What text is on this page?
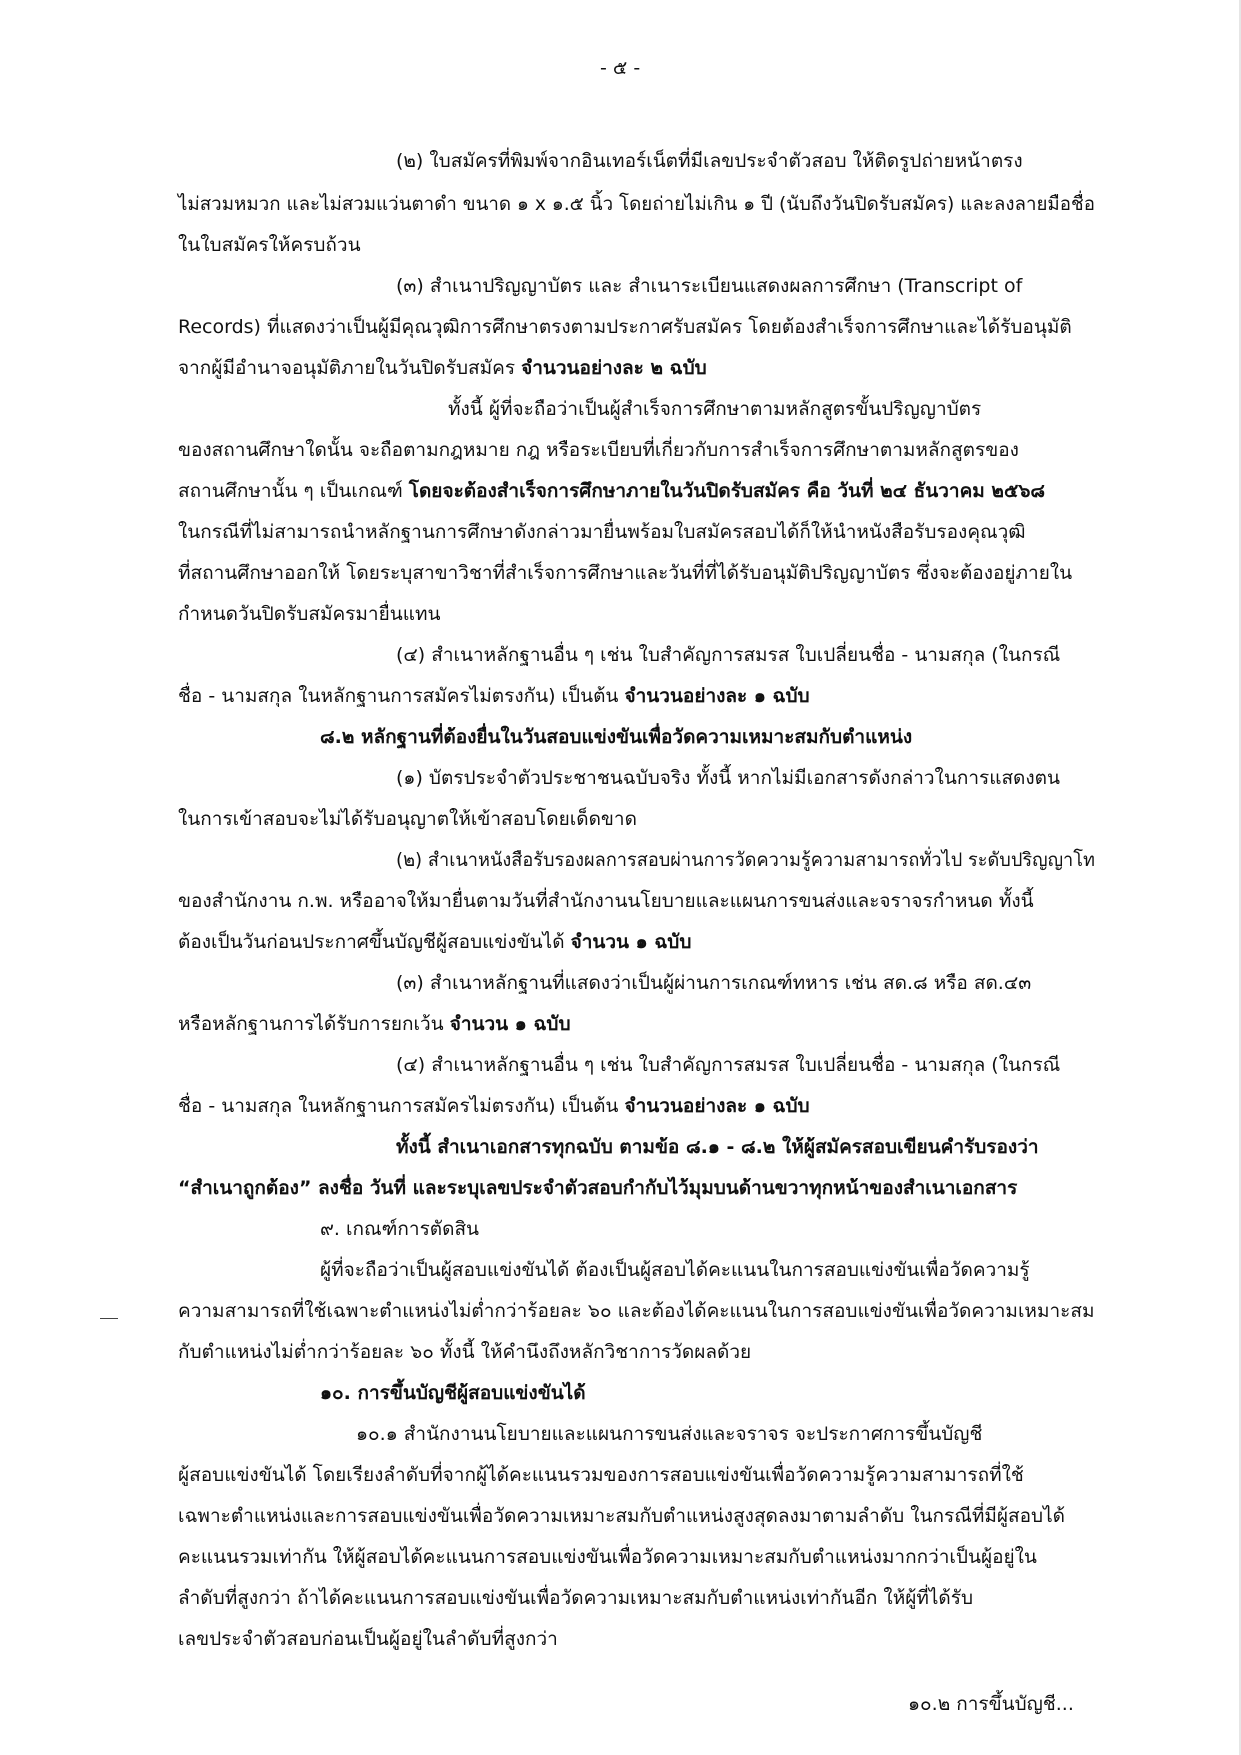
- ๕ -
(๒) ใบสมัครที่พิมพ์จากอินเทอร์เน็ตที่มีเลขประจำตัวสอบ ให้ติดรูปถ่ายหน้าตรง
ไม่สวมหมวก และไม่สวมแว่นตาดำ ขนาด ๑ x ๑.๕ นิ้ว โดยถ่ายไม่เกิน ๑ ปี (นับถึงวันปิดรับสมัคร) และลงลายมือชื่อ
ในใบสมัครให้ครบถ้วน
(๓) สำเนาปริญญาบัตร และ สำเนาระเบียนแสดงผลการศึกษา (Transcript of
Records) ที่แสดงว่าเป็นผู้มีคุณวุฒิการศึกษาตรงตามประกาศรับสมัคร โดยต้องสำเร็จการศึกษาและได้รับอนุมัติ
จากผู้มีอำนาจอนุมัติภายในวันปิดรับสมัคร จำนวนอย่างละ ๒ ฉบับ
ทั้งนี้ ผู้ที่จะถือว่าเป็นผู้สำเร็จการศึกษาตามหลักสูตรขั้นปริญญาบัตร
ของสถานศึกษาใดนั้น จะถือตามกฎหมาย กฎ หรือระเบียบที่เกี่ยวกับการสำเร็จการศึกษาตามหลักสูตรของ
สถานศึกษานั้น ๆ เป็นเกณฑ์ โดยจะต้องสำเร็จการศึกษาภายในวันปิดรับสมัคร คือ วันที่ ๒๔ ธันวาคม ๒๕๖๘
ในกรณีที่ไม่สามารถนำหลักฐานการศึกษาดังกล่าวมายื่นพร้อมใบสมัครสอบได้ก็ให้นำหนังสือรับรองคุณวุฒิ
ที่สถานศึกษาออกให้ โดยระบุสาขาวิชาที่สำเร็จการศึกษาและวันที่ที่ได้รับอนุมัติปริญญาบัตร ซึ่งจะต้องอยู่ภายใน
กำหนดวันปิดรับสมัครมายื่นแทน
(๔) สำเนาหลักฐานอื่น ๆ เช่น ใบสำคัญการสมรส ใบเปลี่ยนชื่อ - นามสกุล (ในกรณี
ชื่อ - นามสกุล ในหลักฐานการสมัครไม่ตรงกัน) เป็นต้น จำนวนอย่างละ ๑ ฉบับ
๘.๒ หลักฐานที่ต้องยื่นในวันสอบแข่งขันเพื่อวัดความเหมาะสมกับตำแหน่ง
(๑) บัตรประจำตัวประชาชนฉบับจริง ทั้งนี้ หากไม่มีเอกสารดังกล่าวในการแสดงตน
ในการเข้าสอบจะไม่ได้รับอนุญาตให้เข้าสอบโดยเด็ดขาด
(๒) สำเนาหนังสือรับรองผลการสอบผ่านการวัดความรู้ความสามารถทั่วไป ระดับปริญญาโท
ของสำนักงาน ก.พ. หรืออาจให้มายื่นตามวันที่สำนักงานนโยบายและแผนการขนส่งและจราจรกำหนด ทั้งนี้
ต้องเป็นวันก่อนประกาศขึ้นบัญชีผู้สอบแข่งขันได้ จำนวน ๑ ฉบับ
(๓) สำเนาหลักฐานที่แสดงว่าเป็นผู้ผ่านการเกณฑ์ทหาร เช่น สด.๘ หรือ สด.๔๓
หรือหลักฐานการได้รับการยกเว้น จำนวน ๑ ฉบับ
(๔) สำเนาหลักฐานอื่น ๆ เช่น ใบสำคัญการสมรส ใบเปลี่ยนชื่อ - นามสกุล (ในกรณี
ชื่อ - นามสกุล ในหลักฐานการสมัครไม่ตรงกัน) เป็นต้น จำนวนอย่างละ ๑ ฉบับ
ทั้งนี้ สำเนาเอกสารทุกฉบับ ตามข้อ ๘.๑ - ๘.๒ ให้ผู้สมัครสอบเขียนคำรับรองว่า
“สำเนาถูกต้อง” ลงชื่อ วันที่ และระบุเลขประจำตัวสอบกำกับไว้มุมบนด้านขวาทุกหน้าของสำเนาเอกสาร
๙. เกณฑ์การตัดสิน
ผู้ที่จะถือว่าเป็นผู้สอบแข่งขันได้ ต้องเป็นผู้สอบได้คะแนนในการสอบแข่งขันเพื่อวัดความรู้
ความสามารถที่ใช้เฉพาะตำแหน่งไม่ต่ำกว่าร้อยละ ๖๐ และต้องได้คะแนนในการสอบแข่งขันเพื่อวัดความเหมาะสม
กับตำแหน่งไม่ต่ำกว่าร้อยละ ๖๐ ทั้งนี้ ให้คำนึงถึงหลักวิชาการวัดผลด้วย
๑๐. การขึ้นบัญชีผู้สอบแข่งขันได้
๑๐.๑ สำนักงานนโยบายและแผนการขนส่งและจราจร จะประกาศการขึ้นบัญชี
ผู้สอบแข่งขันได้ โดยเรียงลำดับที่จากผู้ได้คะแนนรวมของการสอบแข่งขันเพื่อวัดความรู้ความสามารถที่ใช้
เฉพาะตำแหน่งและการสอบแข่งขันเพื่อวัดความเหมาะสมกับตำแหน่งสูงสุดลงมาตามลำดับ ในกรณีที่มีผู้สอบได้
คะแนนรวมเท่ากัน ให้ผู้สอบได้คะแนนการสอบแข่งขันเพื่อวัดความเหมาะสมกับตำแหน่งมากกว่าเป็นผู้อยู่ใน
ลำดับที่สูงกว่า ถ้าได้คะแนนการสอบแข่งขันเพื่อวัดความเหมาะสมกับตำแหน่งเท่ากันอีก ให้ผู้ที่ได้รับ
เลขประจำตัวสอบก่อนเป็นผู้อยู่ในลำดับที่สูงกว่า
๑๐.๒ การขึ้นบัญชี...
